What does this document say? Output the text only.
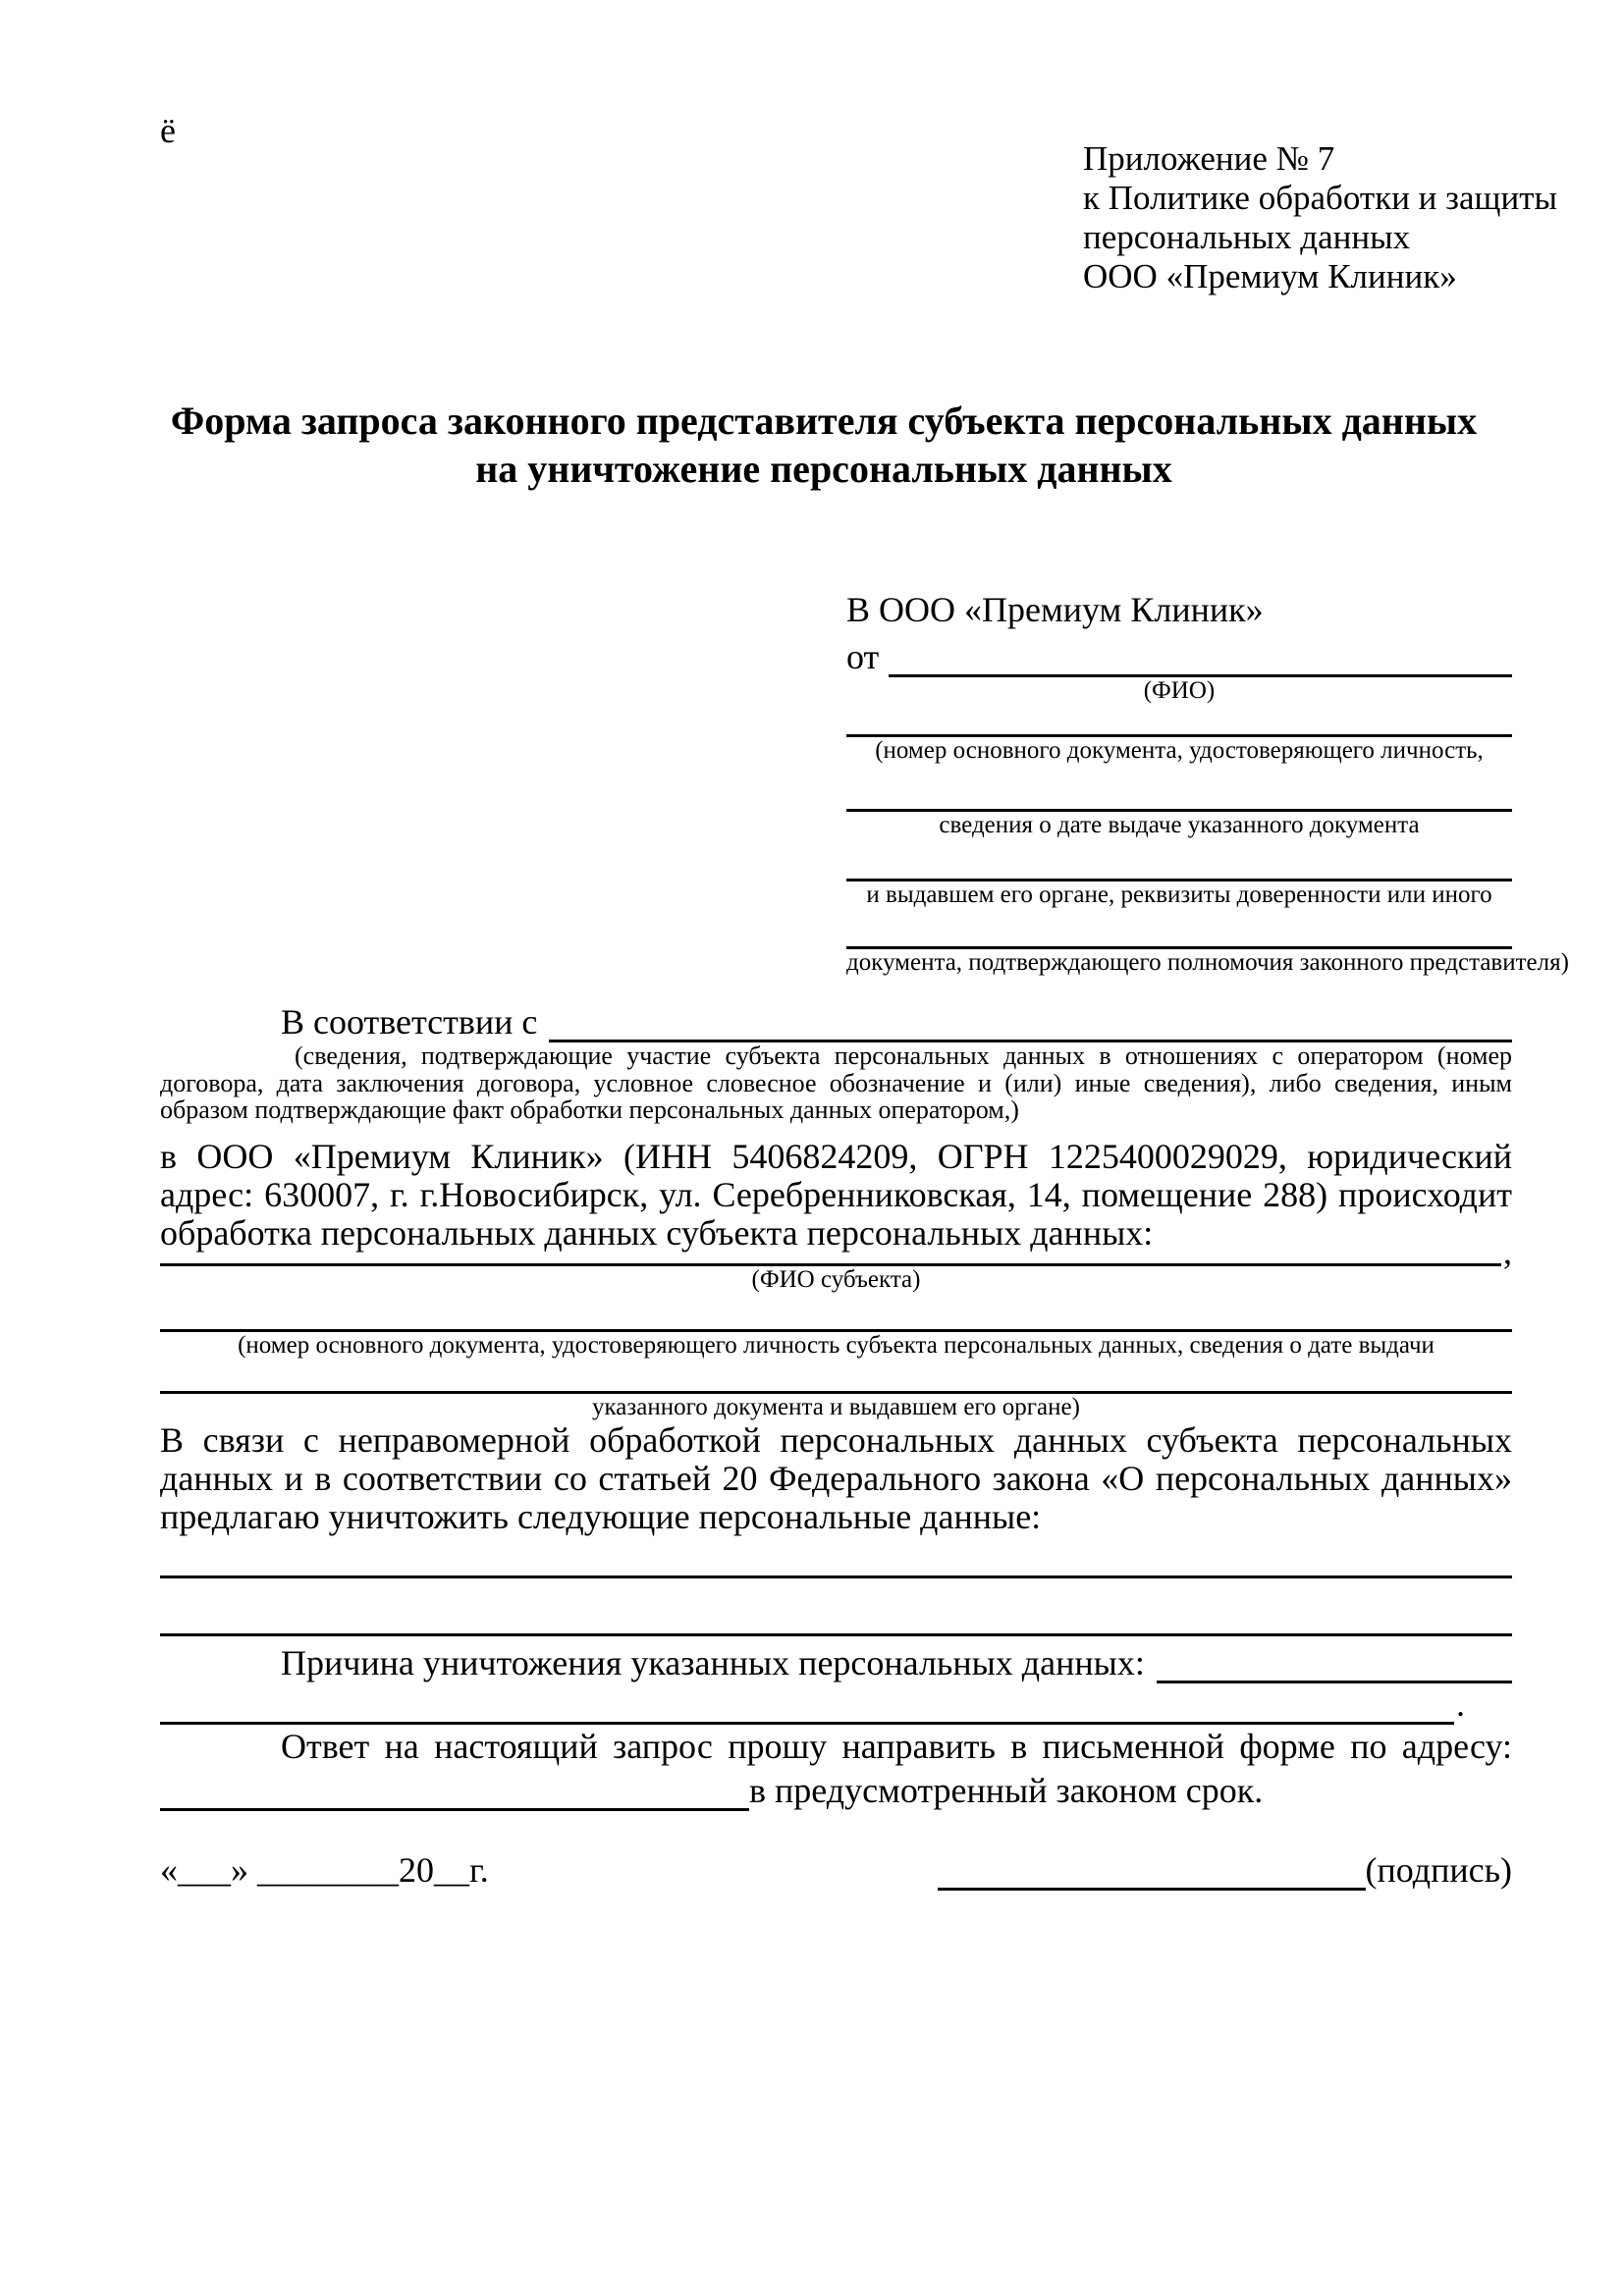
ё
Приложение № 7
к Политике обработки и защиты
персональных данных
ООО «Премиум Клиник»
Форма запроса законного представителя субъекта персональных данных
на уничтожение персональных данных
В ООО «Премиум Клиник»
от
(ФИО)
(номер основного документа, удостоверяющего личность,
сведения о дате выдаче указанного документа
и выдавшем его органе, реквизиты доверенности или иного
документа, подтверждающего полномочия законного представителя)
В соответствии с
(сведения, подтверждающие участие субъекта персональных данных в отношениях с оператором (номер договора, дата заключения договора, условное словесное обозначение и (или) иные сведения), либо сведения, иным образом подтверждающие факт обработки персональных данных оператором,)
в ООО «Премиум Клиник» (ИНН 5406824209, ОГРН 1225400029029, юридический адрес: 630007, г. г.Новосибирск, ул. Серебренниковская, 14, помещение 288) происходит обработка персональных данных субъекта персональных данных:	,
(ФИО субъекта)
(номер основного документа, удостоверяющего личность субъекта персональных данных, сведения о дате выдачи
указанного документа и выдавшем его органе)
В связи с неправомерной обработкой персональных данных субъекта персональных данных и в соответствии со статьей 20 Федерального закона «О персональных данных» предлагаю уничтожить следующие персональные данные:
Причина уничтожения указанных персональных данных:
.
Ответ на настоящий запрос прошу направить в письменной форме по адресу:
в предусмотренный законом срок.
«___» ________20__г.	(подпись)
